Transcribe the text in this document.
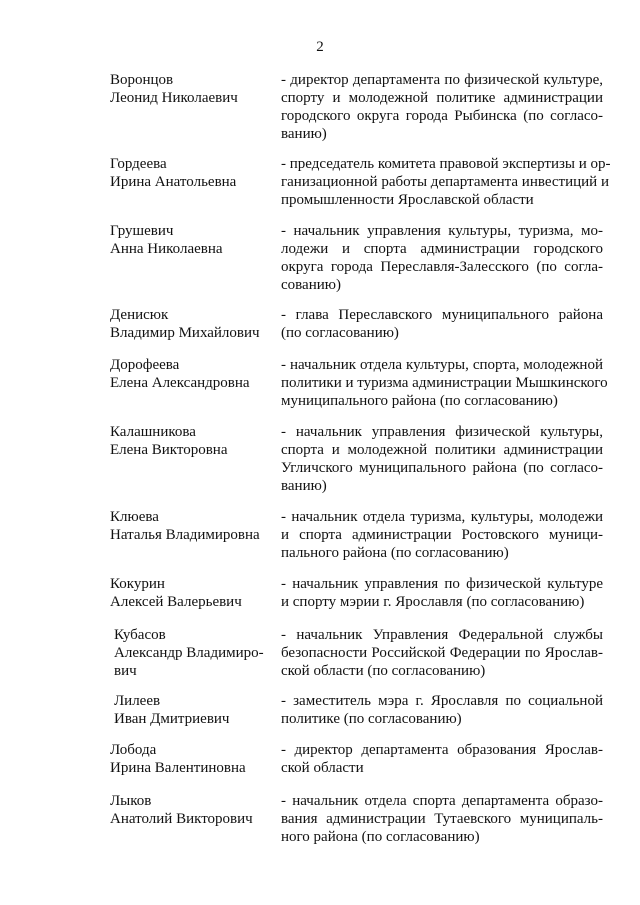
2
Воронцов
Леонид Николаевич
- директор департамента по физической культуре,
спорту и молодежной политике администрации
городского округа города Рыбинска (по согласо-
ванию)
Гордеева
Ирина Анатольевна
- председатель комитета правовой экспертизы и ор-
ганизационной работы департамента инвестиций и
промышленности Ярославской области
Грушевич
Анна Николаевна
- начальник управления культуры, туризма, мо-
лодежи и спорта администрации городского
округа города Переславля-Залесского (по согла-
сованию)
Денисюк
Владимир Михайлович
- глава Переславского муниципального района
(по согласованию)
Дорофеева
Елена Александровна
- начальник отдела культуры, спорта, молодежной
политики и туризма администрации Мышкинского
муниципального района (по согласованию)
Калашникова
Елена Викторовна
- начальник управления физической культуры,
спорта и молодежной политики администрации
Угличского муниципального района (по согласо-
ванию)
Клюева
Наталья Владимировна
- начальник отдела туризма, культуры, молодежи
и спорта администрации Ростовского муници-
пального района (по согласованию)
Кокурин
Алексей Валерьевич
- начальник управления по физической культуре
и спорту мэрии г. Ярославля (по согласованию)
Кубасов
Александр Владимиро-
вич
- начальник Управления Федеральной службы
безопасности Российской Федерации по Ярослав-
ской области (по согласованию)
Лилеев
Иван Дмитриевич
- заместитель мэра г. Ярославля по социальной
политике (по согласованию)
Лобода
Ирина Валентиновна
- директор департамента образования Ярослав-
ской области
Лыков
Анатолий Викторович
- начальник отдела спорта департамента образо-
вания администрации Тутаевского муниципаль-
ного района (по согласованию)
